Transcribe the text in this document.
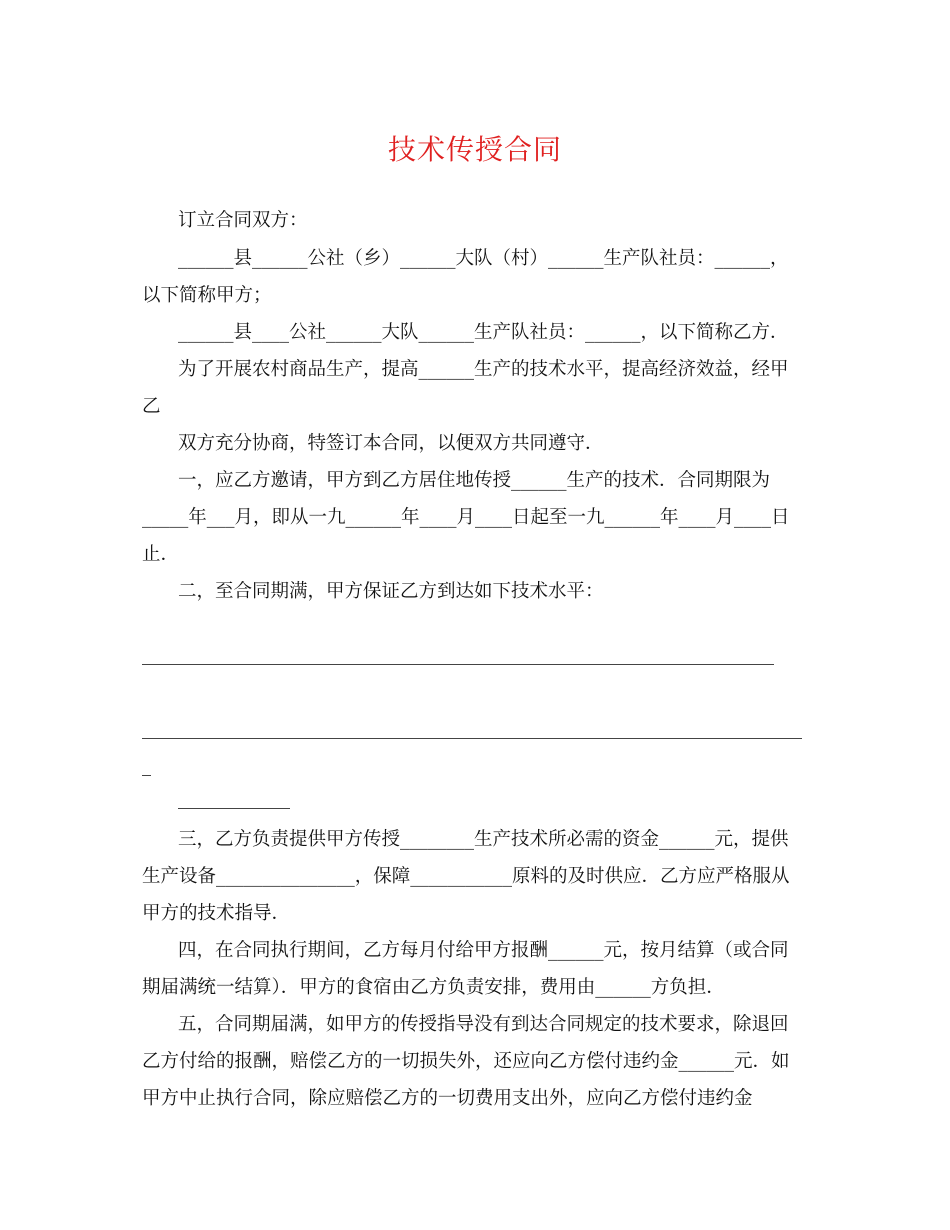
技术传授合同
订立合同双方：
______县______公社（乡）______大队（村）______生产队社员：______，
以下简称甲方；
______县____公社______大队______生产队社员：______，以下简称乙方．
为了开展农村商品生产，提高______生产的技术水平，提高经济效益，经甲
乙
双方充分协商，特签订本合同，以便双方共同遵守．
一，应乙方邀请，甲方到乙方居住地传授______生产的技术．合同期限为
_____年___月，即从一九______年____月____日起至一九______年____月____日
止．
二，至合同期满，甲方保证乙方到达如下技术水平：
三，乙方负责提供甲方传授________生产技术所必需的资金______元，提供
生产设备_______________，保障___________原料的及时供应．乙方应严格服从
甲方的技术指导．
四，在合同执行期间，乙方每月付给甲方报酬______元，按月结算（或合同
期届满统一结算）．甲方的食宿由乙方负责安排，费用由______方负担．
五，合同期届满，如甲方的传授指导没有到达合同规定的技术要求，除退回
乙方付给的报酬，赔偿乙方的一切损失外，还应向乙方偿付违约金______元．如
甲方中止执行合同，除应赔偿乙方的一切费用支出外，应向乙方偿付违约金
